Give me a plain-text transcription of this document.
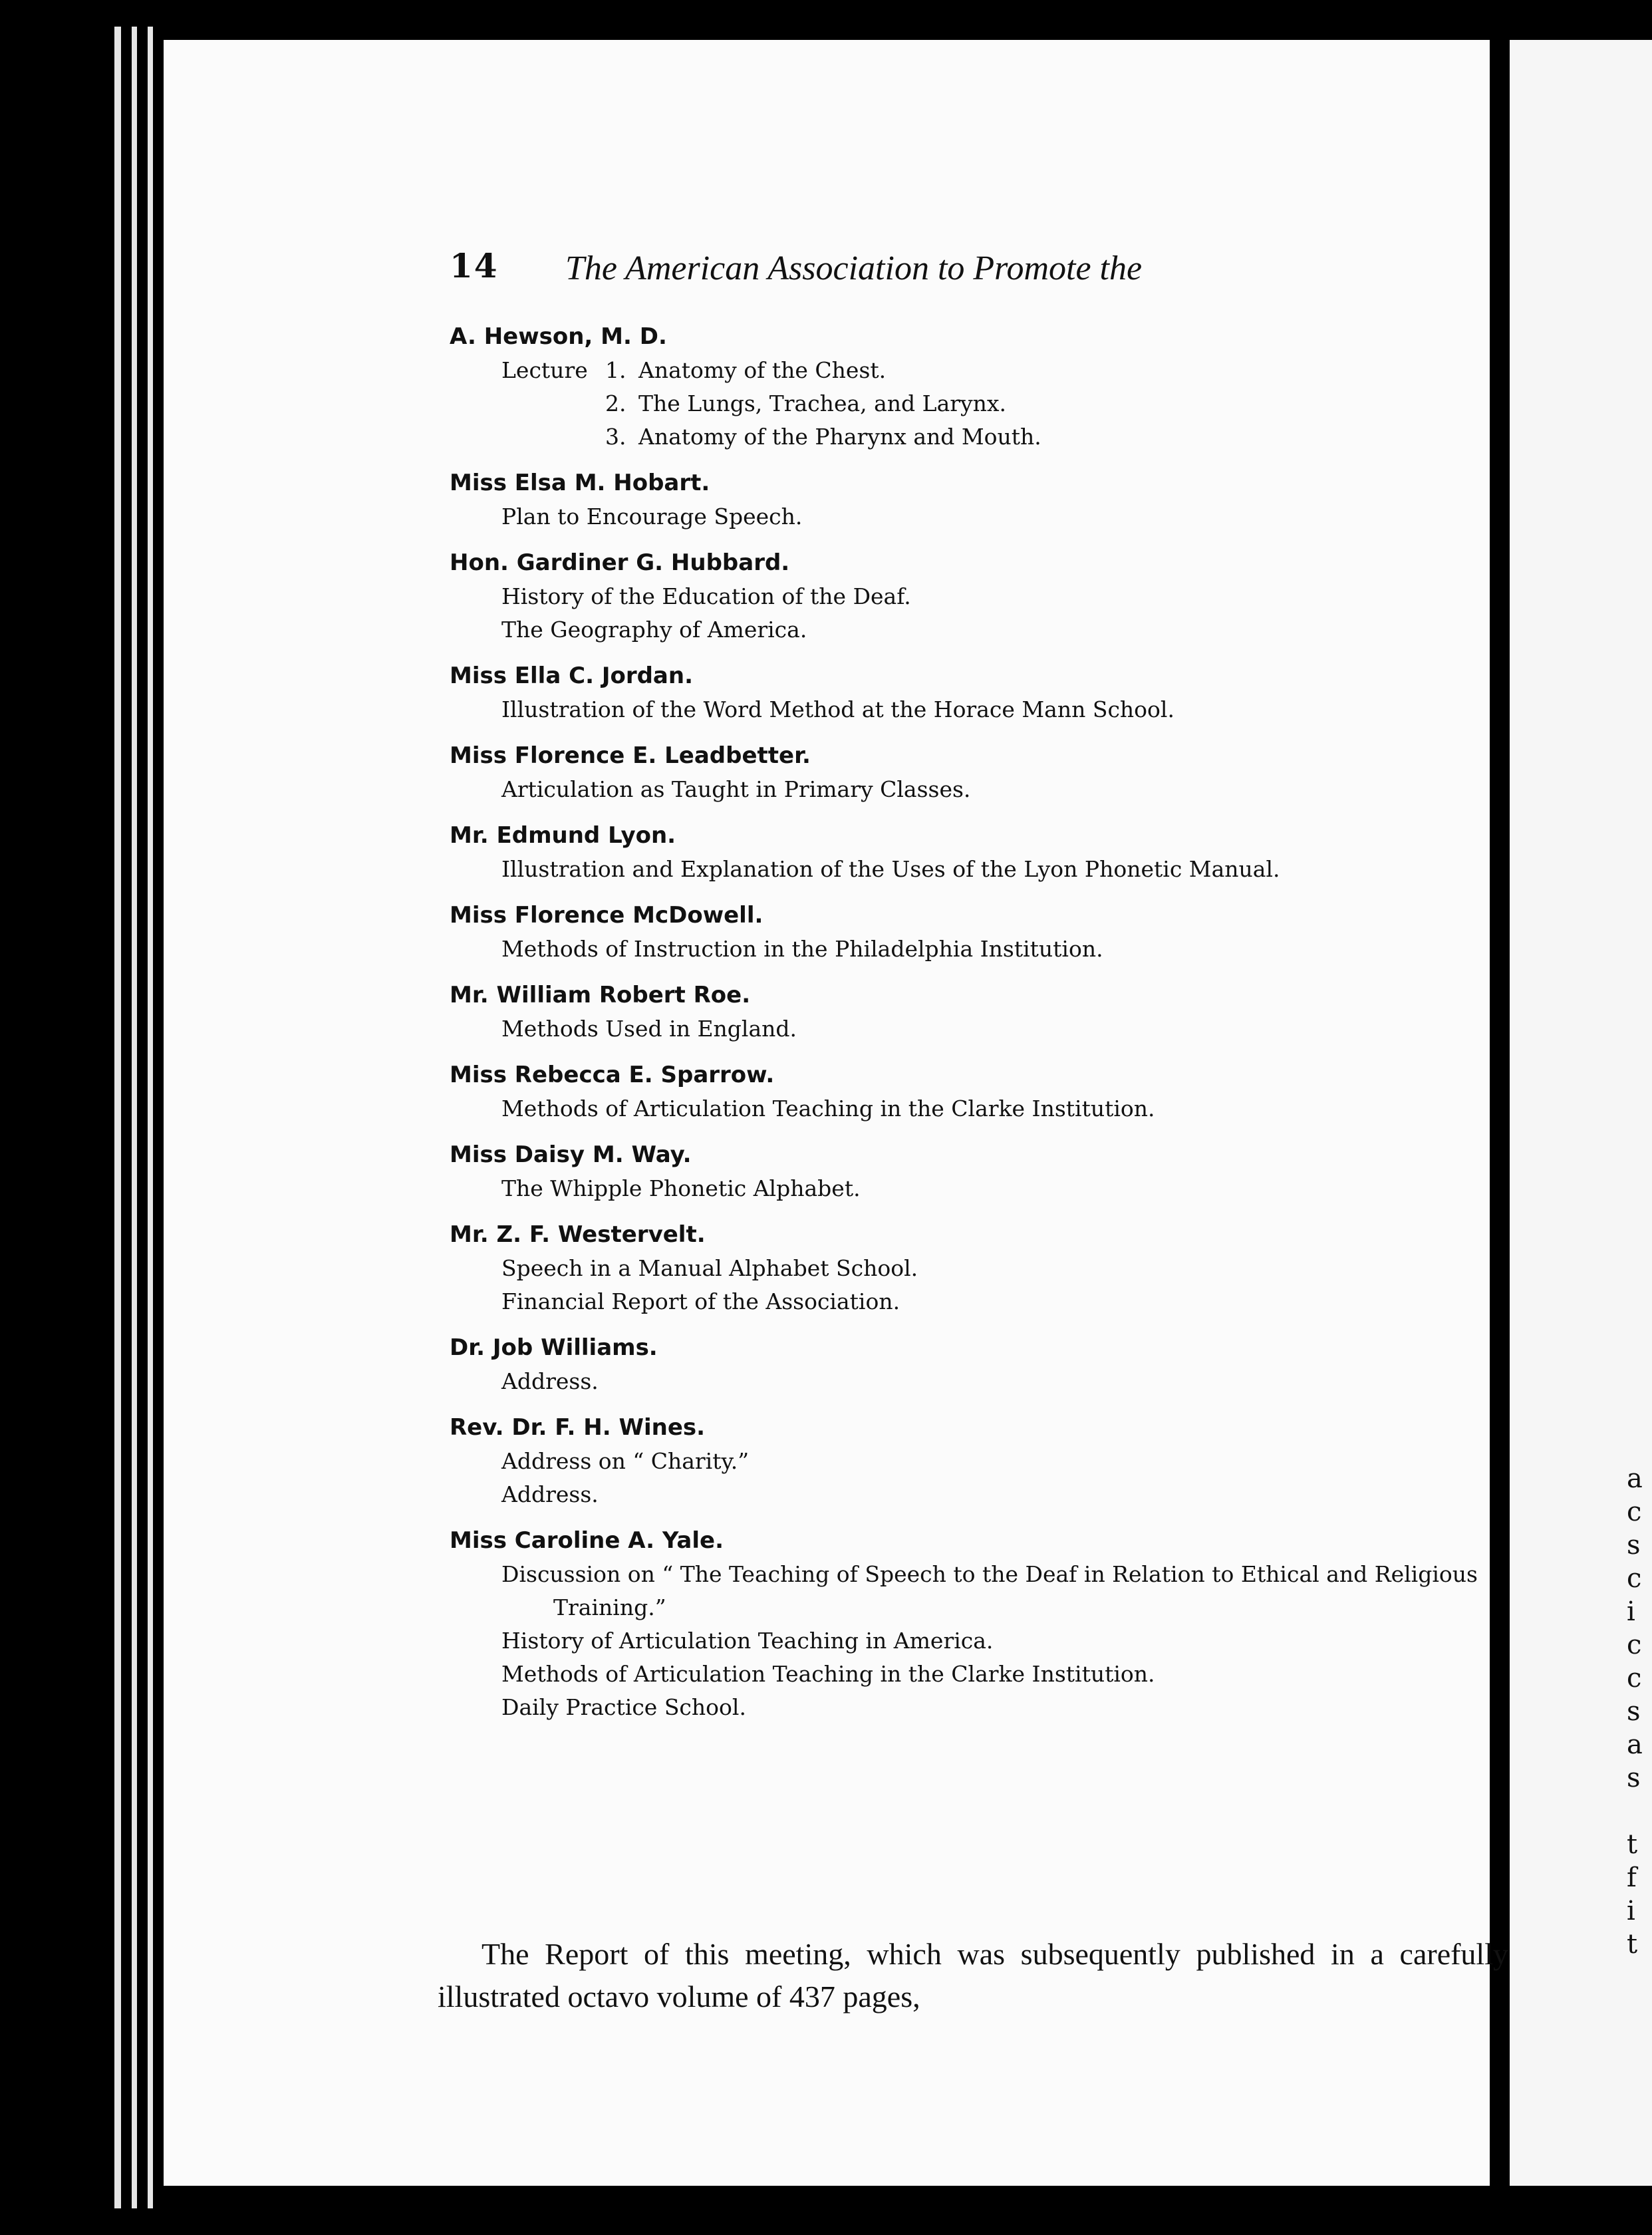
14 The American Association to Promote the
A. Hewson, M. D.
Lecture 1. Anatomy of the Chest.
2. The Lungs, Trachea, and Larynx.
3. Anatomy of the Pharynx and Mouth.
Miss Elsa M. Hobart.
Plan to Encourage Speech.
Hon. Gardiner G. Hubbard.
History of the Education of the Deaf.
The Geography of America.
Miss Ella C. Jordan.
Illustration of the Word Method at the Horace Mann School.
Miss Florence E. Leadbetter.
Articulation as Taught in Primary Classes.
Mr. Edmund Lyon.
Illustration and Explanation of the Uses of the Lyon Phonetic Manual.
Miss Florence McDowell.
Methods of Instruction in the Philadelphia Institution.
Mr. William Robert Roe.
Methods Used in England.
Miss Rebecca E. Sparrow.
Methods of Articulation Teaching in the Clarke Institution.
Miss Daisy M. Way.
The Whipple Phonetic Alphabet.
Mr. Z. F. Westervelt.
Speech in a Manual Alphabet School.
Financial Report of the Association.
Dr. Job Williams.
Address.
Rev. Dr. F. H. Wines.
Address on “ Charity.”
Address.
Miss Caroline A. Yale.
Discussion on “ The Teaching of Speech to the Deaf in Relation to Ethical and Religious Training.”
History of Articulation Teaching in America.
Methods of Articulation Teaching in the Clarke Institution.
Daily Practice School.

The Report of this meeting, which was subsequently published in a carefully illustrated octavo volume of 437 pages,

a
c
s
c
i
c
c
s
a
s
t
f
i
t
